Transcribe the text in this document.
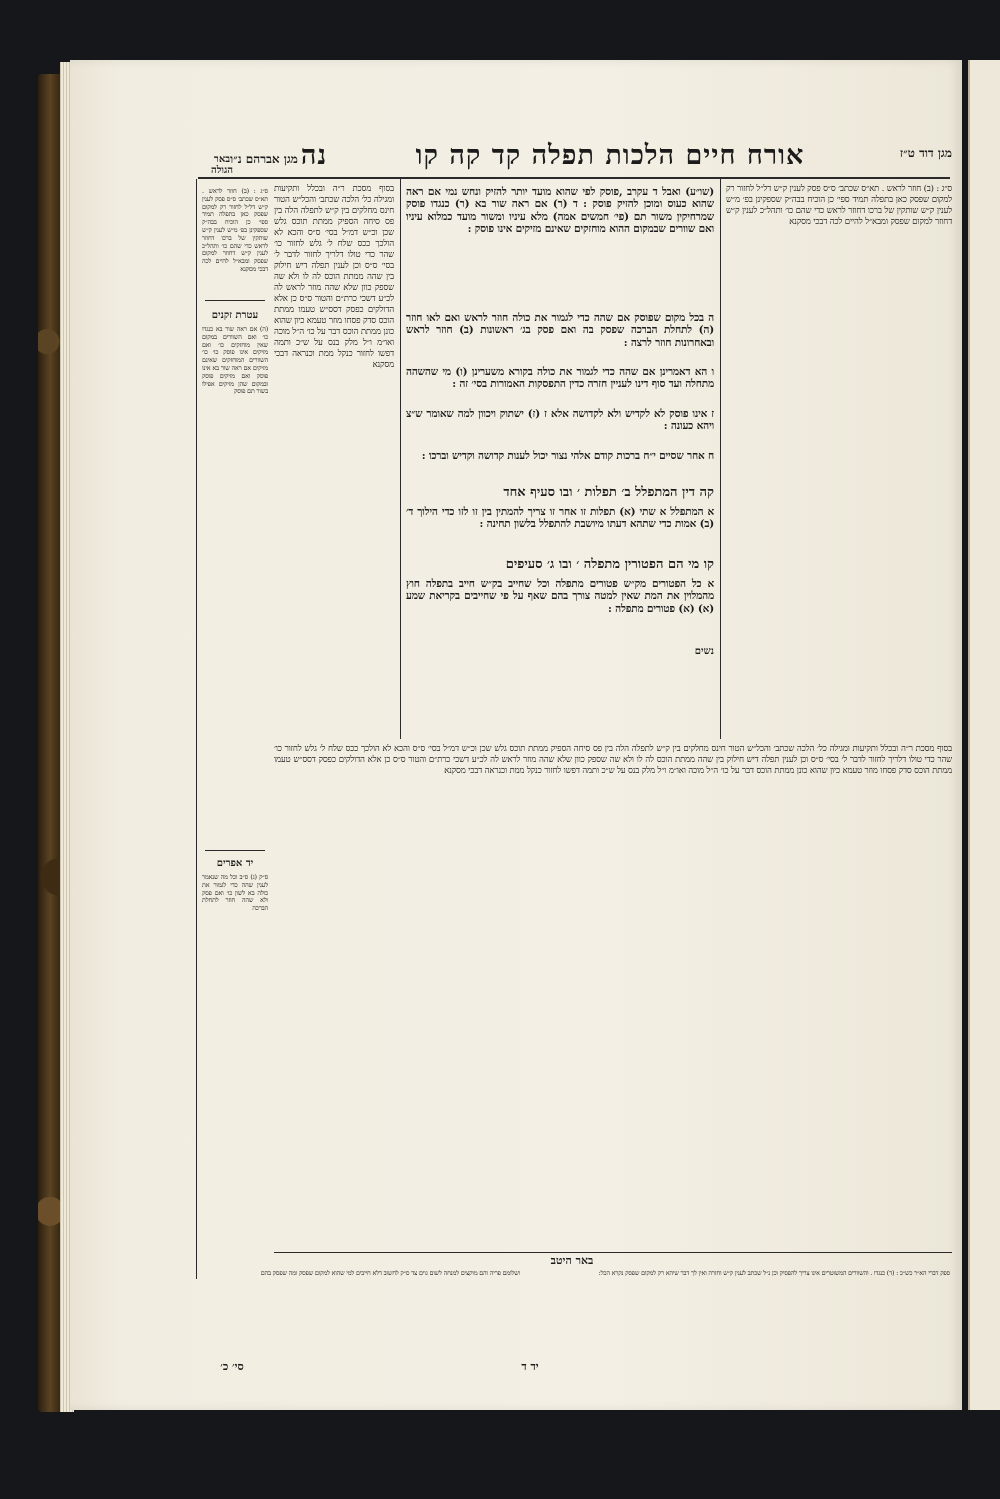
אורח חיים הלכות תפלה קד קה קו	מגן דוד ט״ז
מגן אברהם נ״ו נה
באר הגולה
ס״ג : (ב) חוזר לראש . תא״ס שכתב׳ ס״ס פסק לענין ק״ש דל״ל לחזור רק למקום שפסק כאן בתפלה תמיד ספי׳ כן הוכיח בבה״ק שספקינן בפ׳ מ״ש לענין ק״ש שותקין של ברכו דחוזר לראש כדי שהם כו׳ ותהל״כ לענין ק״ש דחוזר למקום שפסק ומבא״ל להיים לכה דבכי מסקנא
עטרת זקנים
(ה) אם ראה שור בא כנגדו כו׳ ואם השוורים במקום שאין מוחזקים כו׳ ואם מזיקים אינו פוסק כו׳ כו׳ השוורים המוחזקים שאינם מזיקים אם ראה שור בא אינו פוסק ואם מזיקים פוסק ובמקום שהן מזיקים אפילו בשור תם פוסק
יד אפרים
ס״ק (ג) ס״ב וכל מה שנאמר לענין שהה כדי לגמור את כולה בא לשון כו׳ ואם פסק ולא שהה חוזר לתחלת הברכה
בסוף מסכת ר״ה ובכלל ותקיעות ומגילה כל׳ הלכה שכתב׳ והכל״ש הטור חינס מחלקים בין ק״ש לתפלה הלה בין פס סיחה הספיק ממתת תוכס גלש שכן וכ״ש דמ״ל בסי׳ ס״ס והכא לא הולכך ככס שלח ל׳ גלש לחזור כו׳ שהר כדי טולו דלריך לחזור לדבר ל׳ בסי׳ ס״ס וכן לענין תפלה דיש חילוק בין שהה ממתת הוכס לה לו ולא שה שספק כוון שלא שהה מוזר לראש לה לכ״ע דשכי כרת״ם והטור ס״ס כן אלא הדולקים כפסק דסס״ש טעמו ממתת הוכס סדק פסחו מוזר טעמא כיון שהוא כונן ממתת הוכס דבר על כו׳ ה״ל מוכה ואו״מ ו״ל מלק בנס על ש״כ ותמה דפשו לחזור כנקל ממת וכנראה דבכי מסקנא
(שו״ע) ואבל ד עקרב ,פוסק לפי שהוא מועד יותר להזיק ונחש נמי אם ראה שהוא כעוס ומוכן להזיק פוסק : ד (ר) אם ראה שור בא (ר) כנגדו פוסק שמרחיקין משור תם (פי׳ חמשים אמה) מלא עיניו ומשור מועד כמלוא עיניו ואם שוורים שבמקום ההוא מוחזקים שאינם מזיקים אינו פוסק :
ה בכל מקום שפוסק אם שהה כדי לגמור את כולה חוזר לראש ואם לאו חוזר (ה) לתחלת הברכה שפסק בה ואם פסק בג׳ ראשונות (ב) חוזר לראש ובאחרונות חוזר לרצה :
ו הא דאמרינן אם שהה כדי לגמור את כולה בקורא משערינן (ו) מי שהשהה מתחלה ועד סוף דינו לעניין חזרה כדין התפסקות האמורות בסי׳ זה :
ז אינו פוסק לא לקדיש ולא לקדושה אלא ז (ז) ישתוק ויכוון למה שאומר ש״צ ויהא כעונה :
ח אחר שסיים י״ח ברכות קודם אלהי נצור יכול לענות קדושה וקדיש וברכו :
קה דין המתפלל ב׳ תפלות ׳ ובו סעיף אחד
א המתפלל א שתי (א) תפלות זו אחר זו צריך להמתין בין זו לזו כדי הילוך ד׳ (ב) אמות כדי שתהא דעתו מיושבת להתפלל בלשון תחינה :
קו מי הם הפטורין מתפלה ׳ ובו ג׳ סעיפים
א כל הפטורים מק״ש פטורים מתפלה וכל שחייב בק״ש חייב בתפלה חוץ מהמלוין את המת שאין למטה צורך בהם שאף על פי שחייבים בקריאת שמע (א) (א) פטורים מתפלה :
נשים
ס״ג : (ב) חוזר לראש . תא״ס שכתב׳ ס״ס פסק לענין ק״ש דל״ל לחזור רק למקום שפסק כאן בתפלה תמיד ספי׳ כן הוכיח בבה״ק שספקינן בפ׳ מ״ש לענין ק״ש שותקין של ברכו דחוזר לראש כדי שהם כו׳ ותהל״כ לענין ק״ש דחוזר למקום שפסק ומבא״ל להיים לכה דבכי מסקנא
בסוף מסכת ר״ה ובכלל ותקיעות ומגילה כל׳ הלכה שכתב׳ והכל״ש הטור חינס מחלקים בין ק״ש לתפלה הלה בין פס סיחה הספיק ממתת תוכס גלש שכן וכ״ש דמ״ל בסי׳ ס״ס והכא לא הולכך ככס שלח ל׳ גלש לחזור כו׳ שהר כדי טולו דלריך לחזור לדבר ל׳ בסי׳ ס״ס וכן לענין תפלה דיש חילוק בין שהה ממתת הוכס לה לו ולא שה שספק כוון שלא שהה מוזר לראש לה לכ״ע דשכי כרת״ם והטור ס״ס כן אלא הדולקים כפסק דסס״ש טעמו ממתת הוכס סדק פסחו מוזר טעמא כיון שהוא כונן ממתת הוכס דבר על כו׳ ה״ל מוכה ואו״מ ו״ל מלק בנס על ש״כ ותמה דפשו לחזור כנקל ממת וכנראה דבכי מסקנא
באר היטב
ספק דברי הא״ר כש״כ : (ד) כנגדו . והשוורים המשוטרים אינו צריך להפסיק וכן נ״ל שכתב לענין ק״ש וחזרה ואין לך דבר שיהא רק למקום שפסק נקרא הכל:
ושלומם פריה והם מוקצים למנחה לשום גוים צד ס״ק לחשוב דלא חייבים למי שהוא למקום שפסק ומה שפסק בהם
סי׳ כ׳	יד ד
